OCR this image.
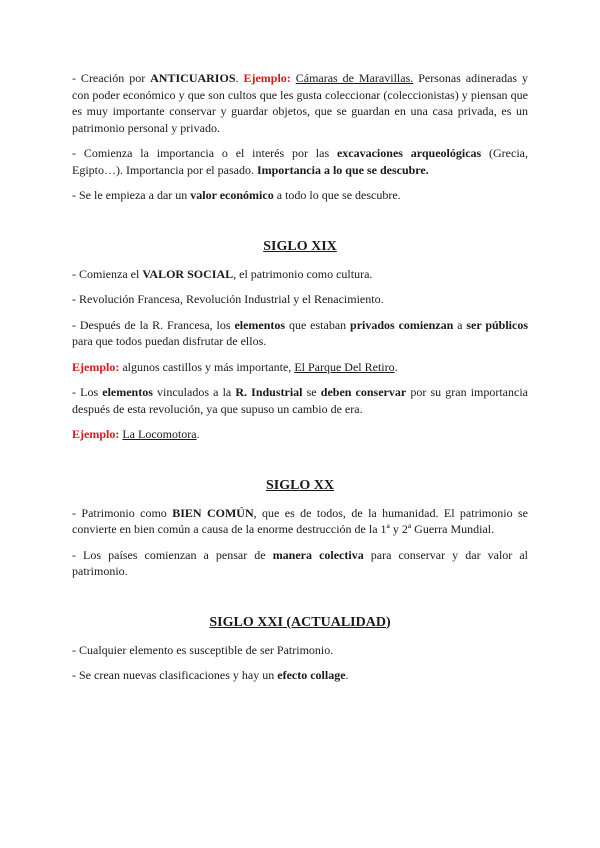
- Creación por ANTICUARIOS. Ejemplo: Cámaras de Maravillas. Personas adineradas y con poder económico y que son cultos que les gusta coleccionar (coleccionistas) y piensan que es muy importante conservar y guardar objetos, que se guardan en una casa privada, es un patrimonio personal y privado.

- Comienza la importancia o el interés por las excavaciones arqueológicas (Grecia, Egipto…). Importancia por el pasado. Importancia a lo que se descubre.

- Se le empieza a dar un valor económico a todo lo que se descubre.

SIGLO XIX

- Comienza el VALOR SOCIAL, el patrimonio como cultura.

- Revolución Francesa, Revolución Industrial y el Renacimiento.

- Después de la R. Francesa, los elementos que estaban privados comienzan a ser públicos para que todos puedan disfrutar de ellos.

Ejemplo: algunos castillos y más importante, El Parque Del Retiro.

- Los elementos vinculados a la R. Industrial se deben conservar por su gran importancia después de esta revolución, ya que supuso un cambio de era.

Ejemplo: La Locomotora.

SIGLO XX

- Patrimonio como BIEN COMÚN, que es de todos, de la humanidad. El patrimonio se convierte en bien común a causa de la enorme destrucción de la 1ª y 2ª Guerra Mundial.

- Los países comienzan a pensar de manera colectiva para conservar y dar valor al patrimonio.

SIGLO XXI (ACTUALIDAD)

- Cualquier elemento es susceptible de ser Patrimonio.

- Se crean nuevas clasificaciones y hay un efecto collage.
